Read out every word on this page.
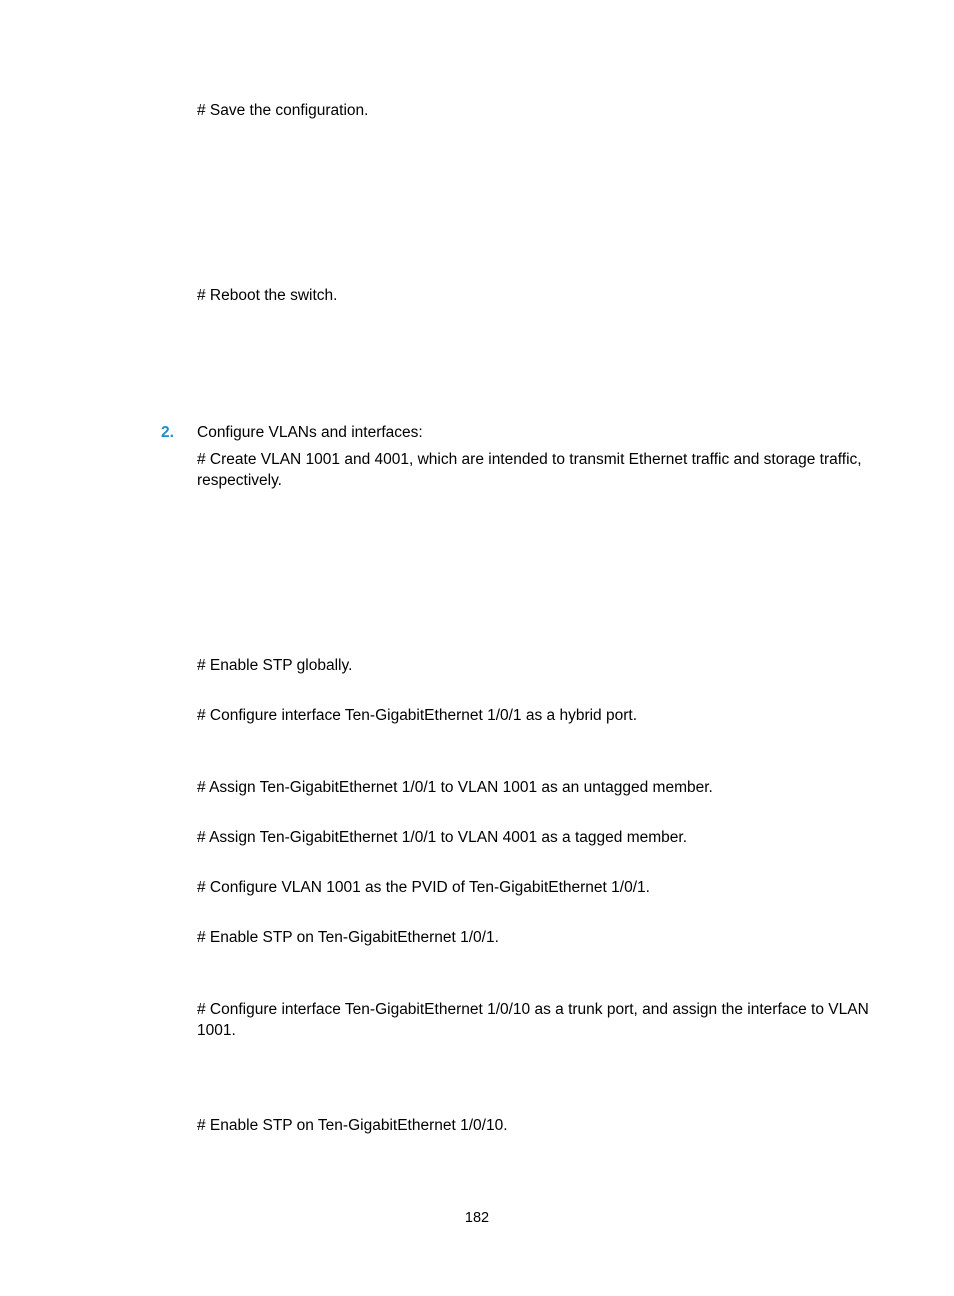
# Save the configuration.
# Reboot the switch.
2. Configure VLANs and interfaces:
# Create VLAN 1001 and 4001, which are intended to transmit Ethernet traffic and storage traffic, respectively.
# Enable STP globally.
# Configure interface Ten-GigabitEthernet 1/0/1 as a hybrid port.
# Assign Ten-GigabitEthernet 1/0/1 to VLAN 1001 as an untagged member.
# Assign Ten-GigabitEthernet 1/0/1 to VLAN 4001 as a tagged member.
# Configure VLAN 1001 as the PVID of Ten-GigabitEthernet 1/0/1.
# Enable STP on Ten-GigabitEthernet 1/0/1.
# Configure interface Ten-GigabitEthernet 1/0/10 as a trunk port, and assign the interface to VLAN 1001.
# Enable STP on Ten-GigabitEthernet 1/0/10.
182
